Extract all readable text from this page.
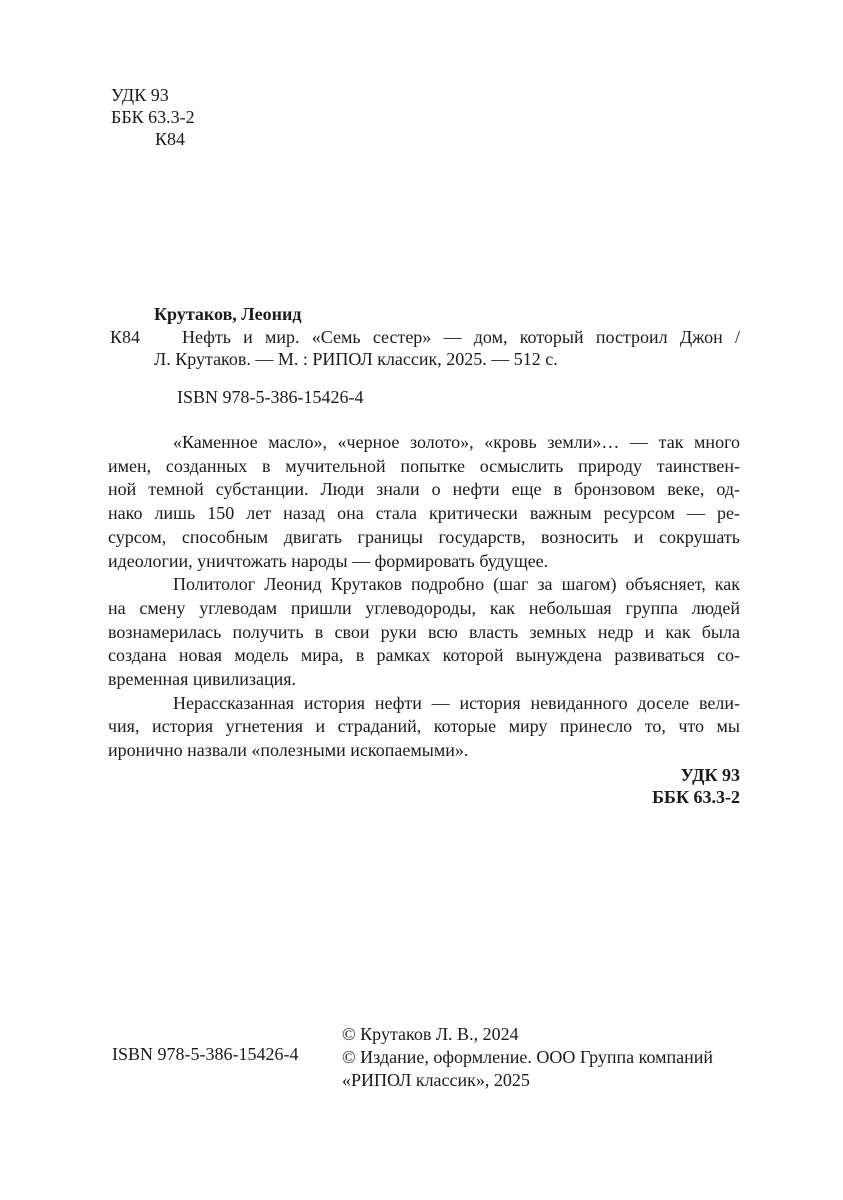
УДК 93
ББК 63.3-2
К84
Крутаков, Леонид
К84	Нефть и мир. «Семь сестер» — дом, который построил Джон /
Л. Крутаков. — М. : РИПОЛ классик, 2025. — 512 с.
ISBN 978-5-386-15426-4
«Каменное масло», «черное золото», «кровь земли»… — так много
имен, созданных в мучительной попытке осмыслить природу таинствен-
ной темной субстанции. Люди знали о нефти еще в бронзовом веке, од-
нако лишь 150 лет назад она стала критически важным ресурсом — ре-
сурсом, способным двигать границы государств, возносить и сокрушать
идеологии, уничтожать народы — формировать будущее.
Политолог Леонид Крутаков подробно (шаг за шагом) объясняет, как
на смену углеводам пришли углеводороды, как небольшая группа людей
вознамерилась получить в свои руки всю власть земных недр и как была
создана новая модель мира, в рамках которой вынуждена развиваться со-
временная цивилизация.
Нерассказанная история нефти — история невиданного доселе вели-
чия, история угнетения и страданий, которые миру принесло то, что мы
иронично назвали «полезными ископаемыми».
УДК 93
ББК 63.3-2
ISBN 978-5-386-15426-4
© Крутаков Л. В., 2024
© Издание, оформление. ООО Группа компаний
«РИПОЛ классик», 2025
